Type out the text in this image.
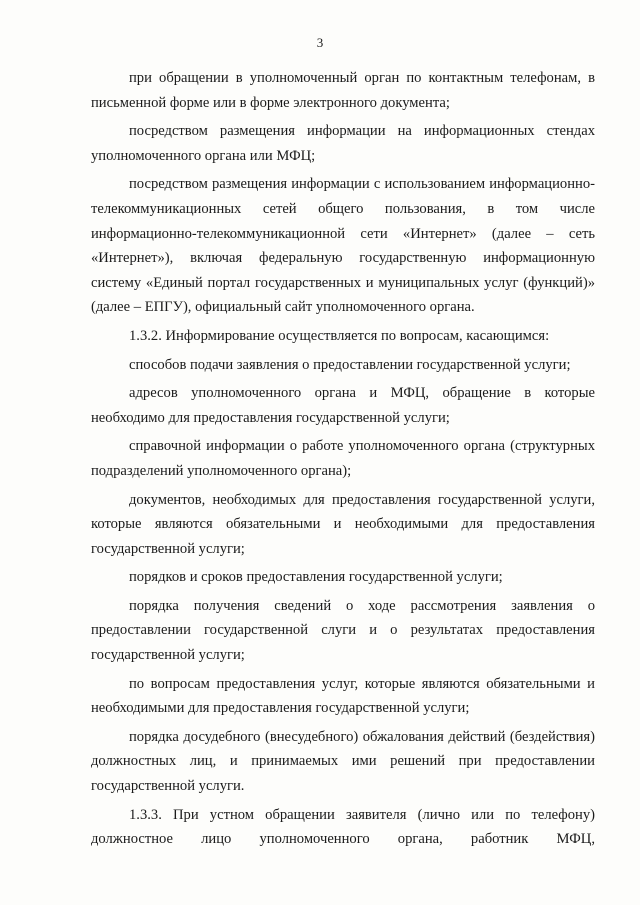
3

при обращении в уполномоченный орган по контактным телефонам, в письменной форме или в форме электронного документа;

посредством размещения информации на информационных стендах уполномоченного органа или МФЦ;

посредством размещения информации с использованием информационно-телекоммуникационных сетей общего пользования, в том числе информационно-телекоммуникационной сети «Интернет» (далее – сеть «Интернет»), включая федеральную государственную информационную систему «Единый портал государственных и муниципальных услуг (функций)» (далее – ЕПГУ), официальный сайт уполномоченного органа.

1.3.2. Информирование осуществляется по вопросам, касающимся:

способов подачи заявления о предоставлении государственной услуги;

адресов уполномоченного органа и МФЦ, обращение в которые необходимо для предоставления государственной услуги;

справочной информации о работе уполномоченного органа (структурных подразделений уполномоченного органа);

документов, необходимых для предоставления государственной услуги, которые являются обязательными и необходимыми для предоставления государственной услуги;

порядков и сроков предоставления государственной услуги;

порядка получения сведений о ходе рассмотрения заявления о предоставлении государственной слуги и о результатах предоставления государственной услуги;

по вопросам предоставления услуг, которые являются обязательными и необходимыми для предоставления государственной услуги;

порядка досудебного (внесудебного) обжалования действий (бездействия) должностных лиц, и принимаемых ими решений при предоставлении государственной услуги.

1.3.3. При устном обращении заявителя (лично или по телефону) должностное лицо уполномоченного органа, работник МФЦ,
